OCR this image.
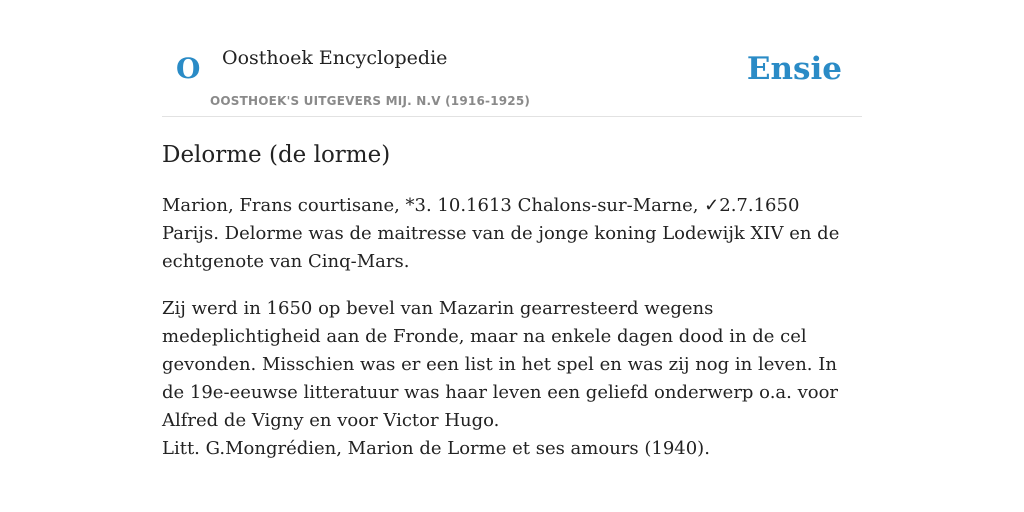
O Oosthoek Encyclopedie
OOSTHOEK'S UITGEVERS MIJ. N.V (1916-1925)
Ensie
Delorme (de lorme)

Marion, Frans courtisane, *3. 10.1613 Chalons-sur-Marne, ✓2.7.1650 Parijs. Delorme was de maitresse van de jonge koning Lodewijk XIV en de echtgenote van Cinq-Mars.

Zij werd in 1650 op bevel van Mazarin gearresteerd wegens medeplichtigheid aan de Fronde, maar na enkele dagen dood in de cel gevonden. Misschien was er een list in het spel en was zij nog in leven. In de 19e-eeuwse litteratuur was haar leven een geliefd onderwerp o.a. voor Alfred de Vigny en voor Victor Hugo.

Litt. G.Mongrédien, Marion de Lorme et ses amours (1940).
